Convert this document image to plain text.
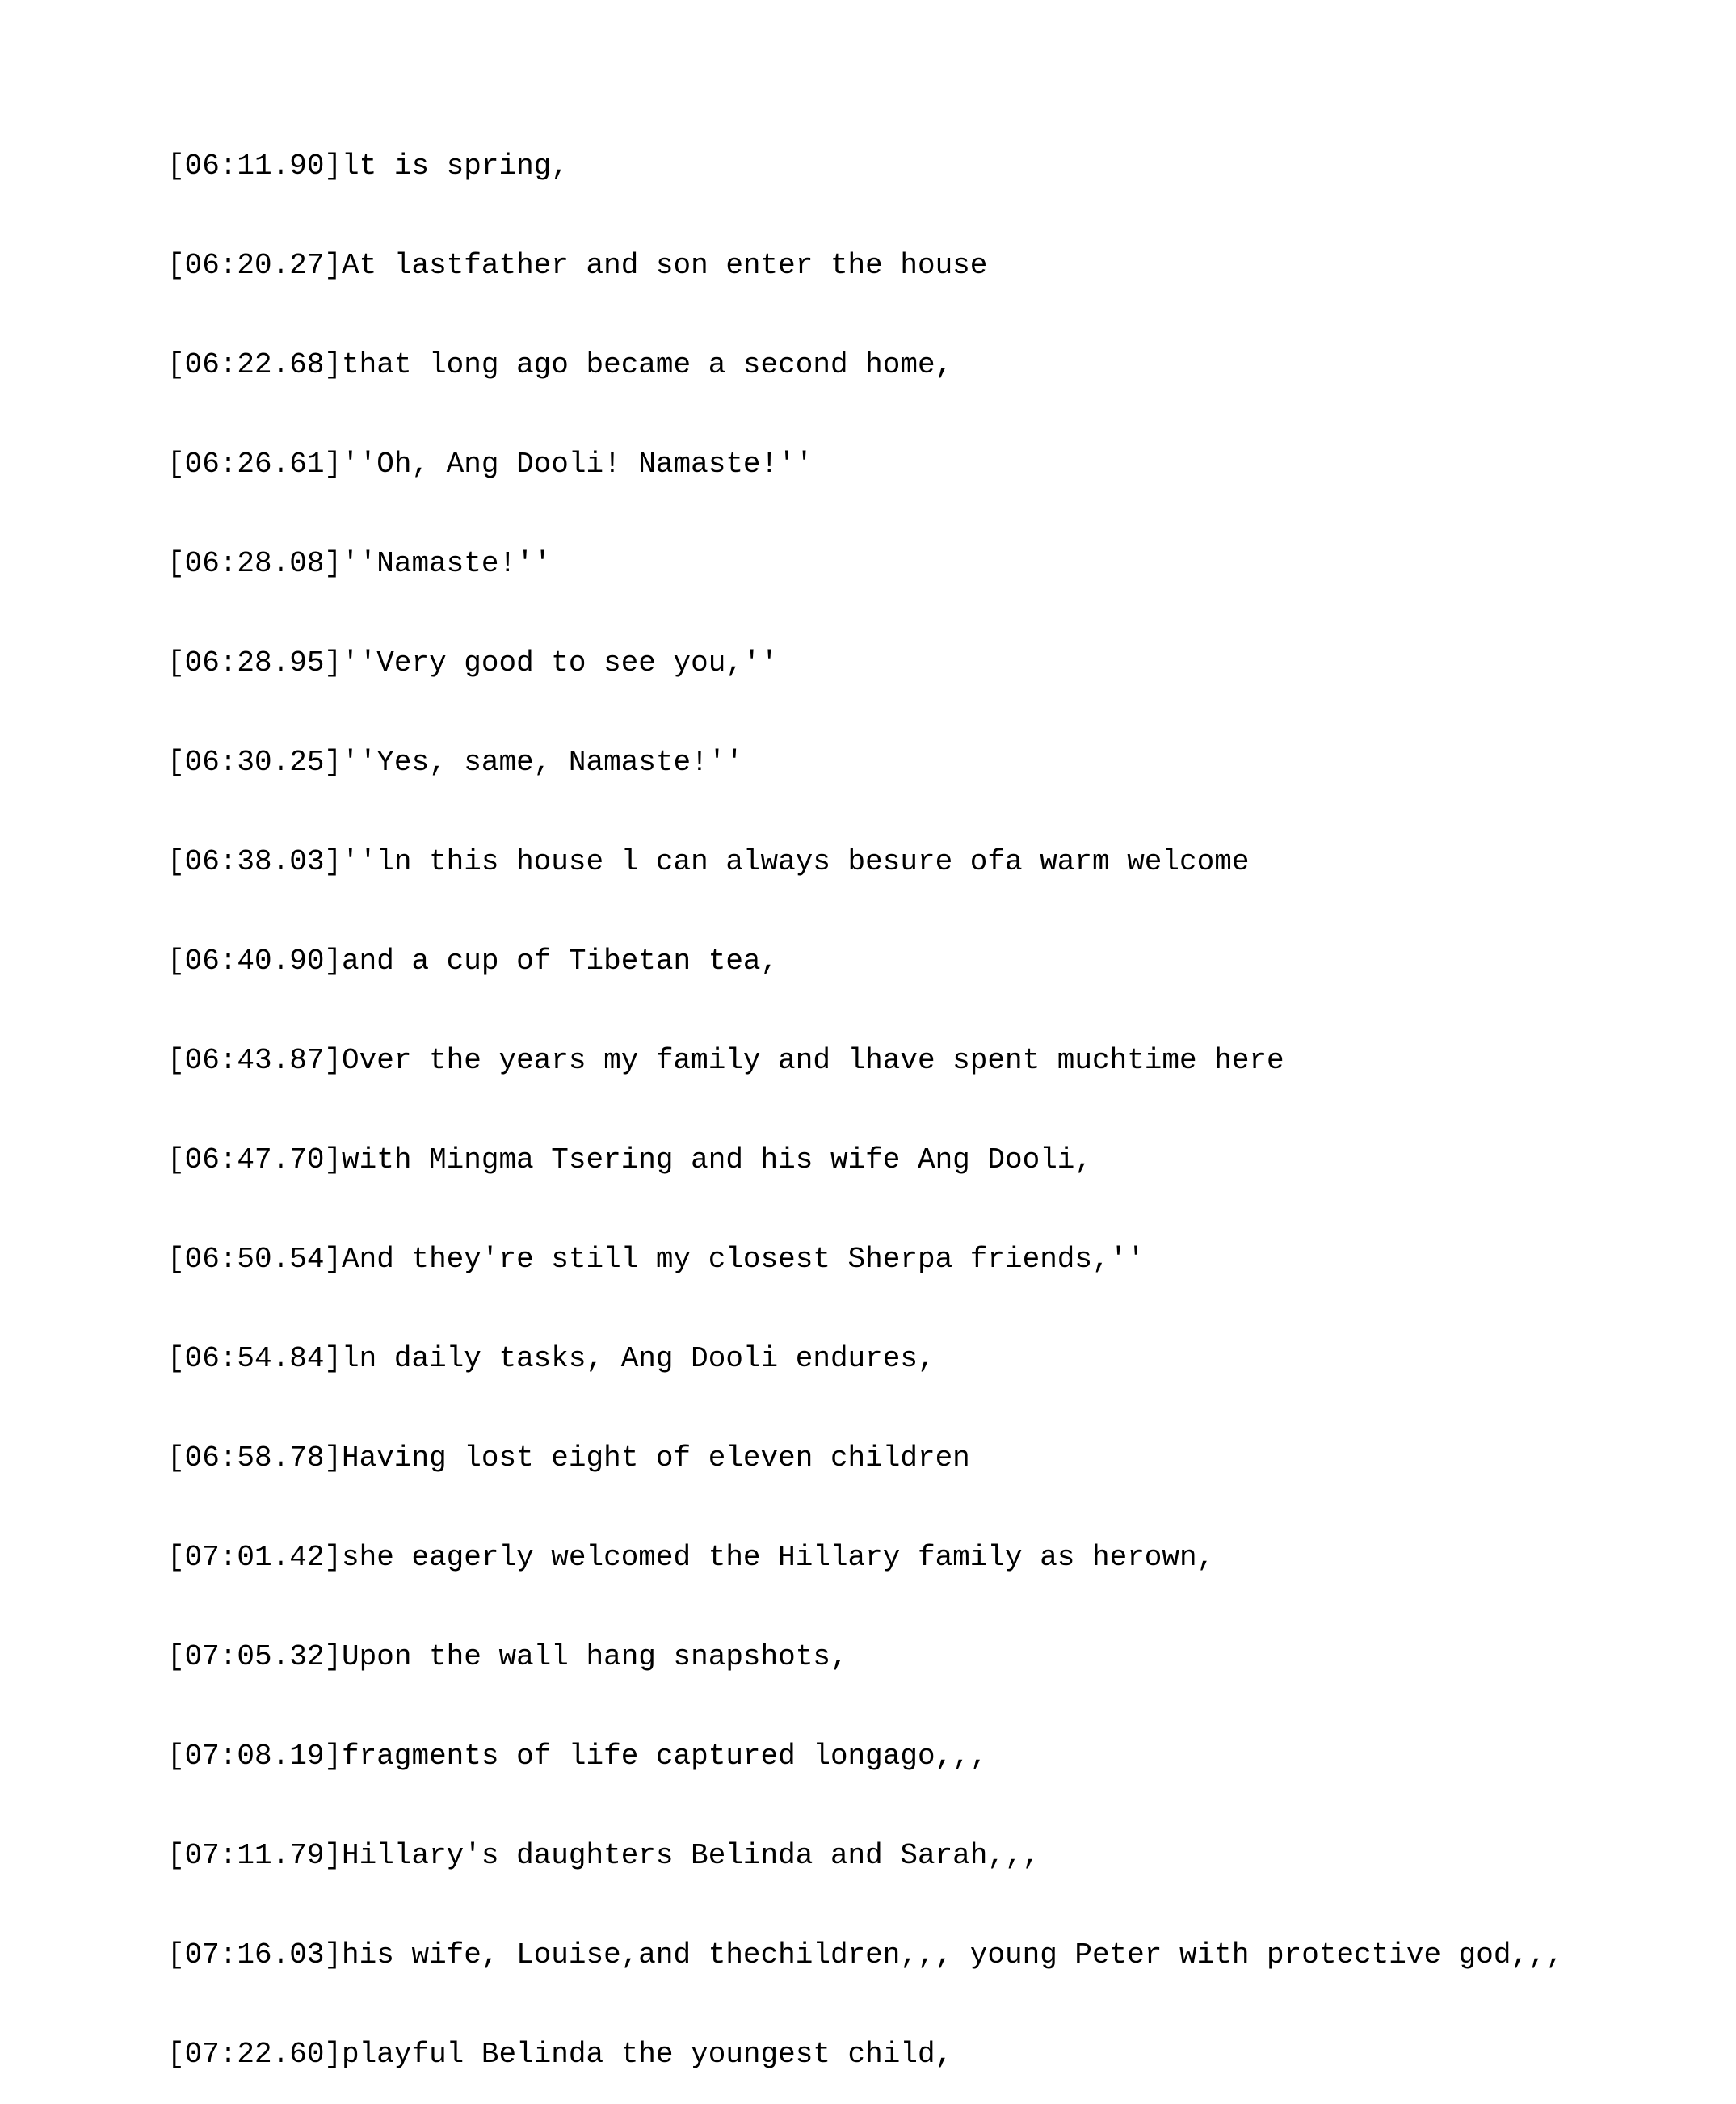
[06:11.90]lt is spring,

[06:20.27]At lastfather and son enter the house

[06:22.68]that long ago became a second home,

[06:26.61]''Oh, Ang Dooli! Namaste!''

[06:28.08]''Namaste!''

[06:28.95]''Very good to see you,''

[06:30.25]''Yes, same, Namaste!''

[06:38.03]''ln this house l can always besure ofa warm welcome

[06:40.90]and a cup of Tibetan tea,

[06:43.87]Over the years my family and lhave spent muchtime here

[06:47.70]with Mingma Tsering and his wife Ang Dooli,

[06:50.54]And they're still my closest Sherpa friends,''

[06:54.84]ln daily tasks, Ang Dooli endures,

[06:58.78]Having lost eight of eleven children

[07:01.42]she eagerly welcomed the Hillary family as herown,

[07:05.32]Upon the wall hang snapshots,

[07:08.19]fragments of life captured longago,,,

[07:11.79]Hillary's daughters Belinda and Sarah,,,

[07:16.03]his wife, Louise,and thechildren,,, young Peter with protective god,,,

[07:22.60]playful Belinda the youngest child,
